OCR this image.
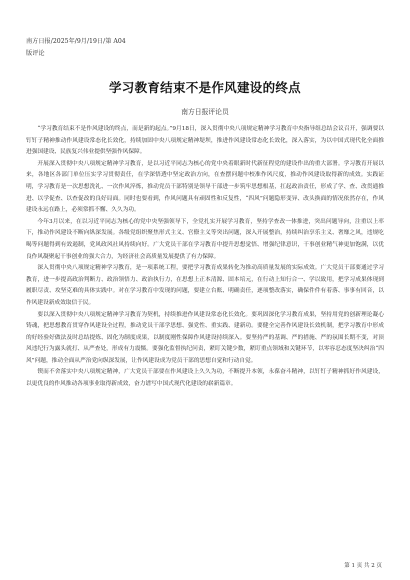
南方日报/2025年/9月/19日/第 A04
版评论
学习教育结束不是作风建设的终点
南方日报评论员

“学习教育结束不是作风建设的终点，而是新的起点。”9月18日，深入贯彻中央八项规定精神学习教育中央指导组总结会议召开，强调要以钉钉子精神推动作风建设常态化长效化，持续加固中央八项规定精神堤坝，推进作风建设常态化长效化，深入落实，为以中国式现代化全面推进强国建设、民族复兴伟业提供坚强作风保障。

开展深入贯彻中央八项规定精神学习教育，是以习近平同志为核心的党中央着眼新时代新征程党的建设作出的重大部署。学习教育开展以来，各地区各部门单位压实学习贯彻责任，在学深悟透中坚定政治方向，在查摆问题中校准作风尺度，推动作风建设取得新的成效。实践证明，学习教育是一次思想洗礼、一次作风淬炼，推动党员干部特别是领导干部进一步筑牢思想根基，扛起政治责任，形成了学、查、改贯通推进、以学促查、以查促改的良好局面。同时也要看到，作风问题具有顽固性和反复性，“四风”问题隐形变异、改头换面的情况依然存在，作风建设永远在路上，必须常抓不懈、久久为功。

今年3月以来，在以习近平同志为核心的党中央坚强领导下，全党扎实开展学习教育，坚持学查改一体推进，突出问题导向，注重以上率下，推动作风建设不断向纵深发展。各级党组织聚焦形式主义、官僚主义等突出问题，深入开展整治，持续纠治享乐主义、奢靡之风，违规吃喝等问题得到有效遏制，党风政风社风持续向好。广大党员干部在学习教育中提升思想觉悟、增强纪律意识，干事创业精气神更加饱满，以优良作风凝聚起干事创业的强大合力，为经济社会高质量发展提供了有力保障。

深入贯彻中央八项规定精神学习教育，是一项系统工程，要把学习教育成果转化为推动高质量发展的实际成效。广大党员干部要通过学习教育，进一步提高政治判断力、政治领悟力、政治执行力，在思想上正本清源、固本培元，在行动上知行合一、学以致用，把学习成果体现到履职尽责、攻坚克难的具体实践中。对在学习教育中发现的问题，要建立台账、明确责任，逐项整改落实，确保件件有着落、事事有回音，以作风建设新成效取信于民。

要以深入贯彻中央八项规定精神学习教育为契机，持续推进作风建设常态化长效化。要巩固深化学习教育成果，坚持用党的创新理论凝心铸魂，把思想教育贯穿作风建设全过程，推动党员干部学思想、强党性、重实践、建新功。要健全完善作风建设长效机制，把学习教育中形成的好经验好做法及时总结提炼、固化为制度成果，以制度刚性保障作风建设持续深入。要坚持严的基调、严的措施、严的氛围长期不变，对顶风违纪行为露头就打、从严查处，形成有力震慑。要强化监督执纪问责，紧盯关键少数，紧盯重点领域和关键环节，以零容忍态度坚决纠治“四风”问题，推动全面从严治党向纵深发展，让作风建设成为党员干部的思想自觉和行动自觉。

锲而不舍落实中央八项规定精神，广大党员干部要在作风建设上久久为功，不断提升本领，永葆奋斗精神，以钉钉子精神抓好作风建设，以更优良的作风推动各项事业取得新成效，奋力谱写中国式现代化建设的崭新篇章。

第 1 页 共 2 页
